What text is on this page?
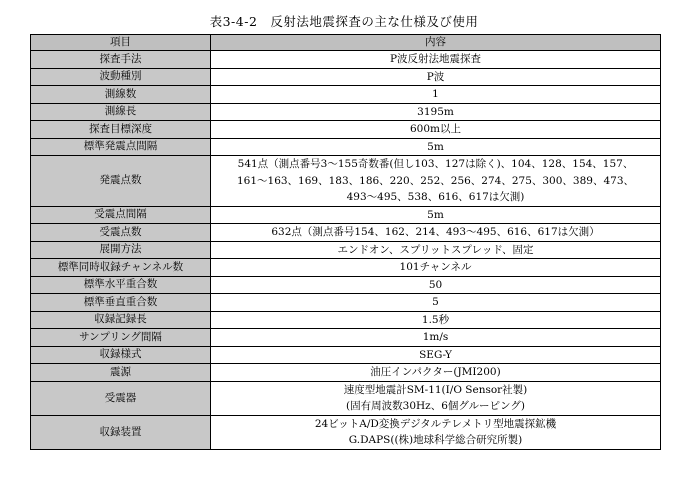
表3-4-2　反射法地震探査の主な仕様及び使用
項目	内容
探査手法	P波反射法地震探査

波動種別	P波

測線数	1

測線長	3195m

探査目標深度	600m以上

標準発震点間隔	5m

発震点数	541点（測点番号3～155奇数番(但し103、127は除く)、104、128、154、157、
161～163、169、183、186、220、252、256、274、275、300、389、473、
493～495、538、616、617は欠測)

受震点間隔	5m

受震点数	632点（測点番号154、162、214、493～495、616、617は欠測）

展開方法	エンドオン、スプリットスプレッド、固定

標準同時収録チャンネル数	101チャンネル

標準水平重合数	50

標準垂直重合数	5

収録記録長	1.5秒

サンプリング間隔	1m/s

収録様式	SEG-Y

震源	油圧インパクター(JMI200)

受震器	速度型地震計SM-11(I/O Sensor社製)
(固有周波数30Hz、6個グルーピング)

収録装置	24ビットA/D変換デジタルテレメトリ型地震探鉱機
G.DAPS((株)地球科学総合研究所製)
